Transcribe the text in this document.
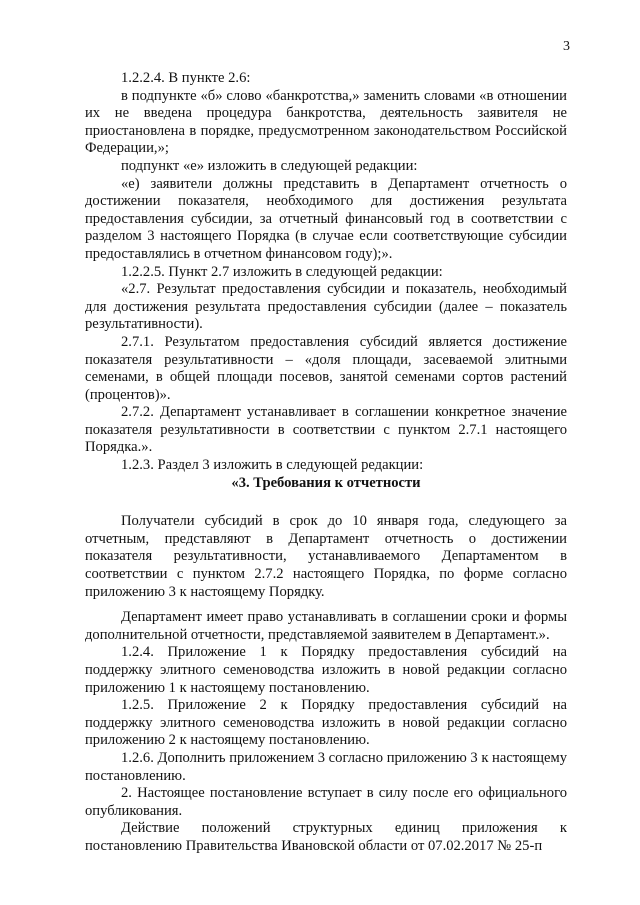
3

1.2.2.4. В пункте 2.6:

в подпункте «б» слово «банкротства,» заменить словами «в отношении их не введена процедура банкротства, деятельность заявителя не приостановлена в порядке, предусмотренном законодательством Российской Федерации,»;

подпункт «е» изложить в следующей редакции:

«е) заявители должны представить в Департамент отчетность о достижении показателя, необходимого для достижения результата предоставления субсидии, за отчетный финансовый год в соответствии с разделом 3 настоящего Порядка (в случае если соответствующие субсидии предоставлялись в отчетном финансовом году);».

1.2.2.5. Пункт 2.7 изложить в следующей редакции:

«2.7. Результат предоставления субсидии и показатель, необходимый для достижения результата предоставления субсидии (далее – показатель результативности).

2.7.1. Результатом предоставления субсидий является достижение показателя результативности – «доля площади, засеваемой элитными семенами, в общей площади посевов, занятой семенами сортов растений (процентов)».

2.7.2. Департамент устанавливает в соглашении конкретное значение показателя результативности в соответствии с пунктом 2.7.1 настоящего Порядка.».

1.2.3. Раздел 3 изложить в следующей редакции:

«3. Требования к отчетности

Получатели субсидий в срок до 10 января года, следующего за отчетным, представляют в Департамент отчетность о достижении показателя результативности, устанавливаемого Департаментом в соответствии с пунктом 2.7.2 настоящего Порядка, по форме согласно приложению 3 к настоящему Порядку.

Департамент имеет право устанавливать в соглашении сроки и формы дополнительной отчетности, представляемой заявителем в Департамент.».

1.2.4. Приложение 1 к Порядку предоставления субсидий на поддержку элитного семеноводства изложить в новой редакции согласно приложению 1 к настоящему постановлению.

1.2.5. Приложение 2 к Порядку предоставления субсидий на поддержку элитного семеноводства изложить в новой редакции согласно приложению 2 к настоящему постановлению.

1.2.6. Дополнить приложением 3 согласно приложению 3 к настоящему постановлению.

2. Настоящее постановление вступает в силу после его официального опубликования.

Действие положений структурных единиц приложения к постановлению Правительства Ивановской области от 07.02.2017 № 25-п
